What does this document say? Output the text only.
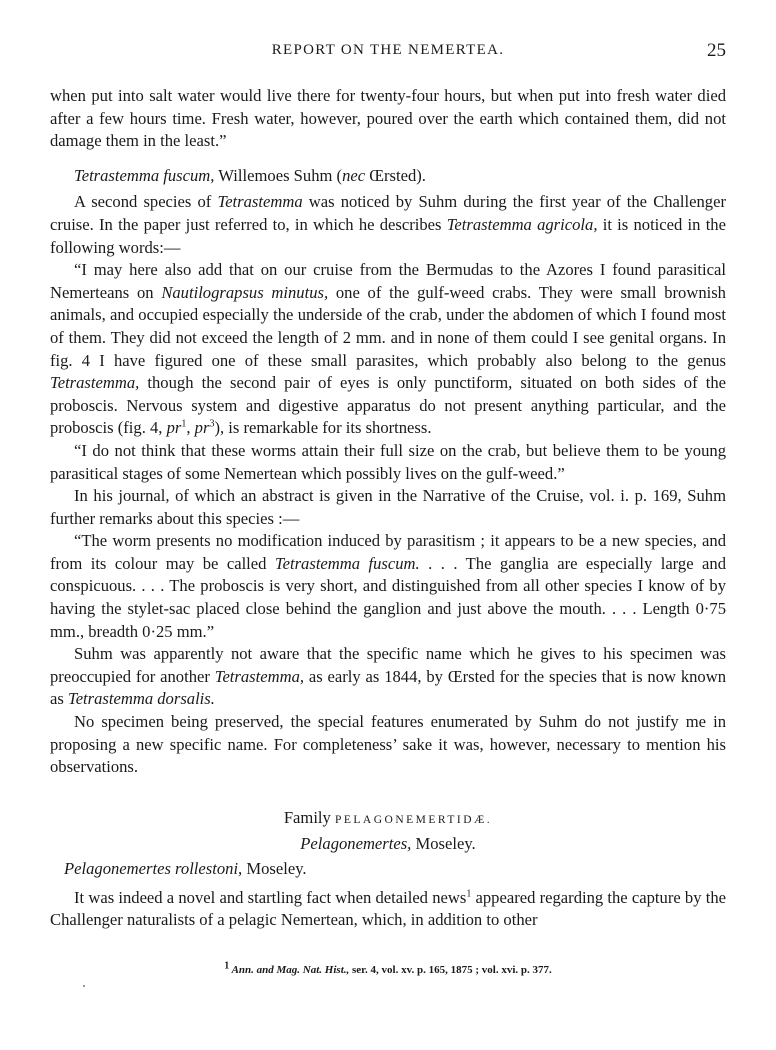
REPORT ON THE NEMERTEA.	25

when put into salt water would live there for twenty-four hours, but when put into fresh water died after a few hours time. Fresh water, however, poured over the earth which contained them, did not damage them in the least.”

Tetrastemma fuscum, Willemoes Suhm (nec Œrsted).

A second species of Tetrastemma was noticed by Suhm during the first year of the Challenger cruise. In the paper just referred to, in which he describes Tetrastemma agricola, it is noticed in the following words:—

“I may here also add that on our cruise from the Bermudas to the Azores I found parasitical Nemerteans on Nautilograpsus minutus, one of the gulf-weed crabs. They were small brownish animals, and occupied especially the underside of the crab, under the abdomen of which I found most of them. They did not exceed the length of 2 mm. and in none of them could I see genital organs. In fig. 4 I have figured one of these small parasites, which probably also belong to the genus Tetrastemma, though the second pair of eyes is only punctiform, situated on both sides of the proboscis. Nervous system and digestive apparatus do not present anything particular, and the proboscis (fig. 4, $pr^1$, $pr^3$), is remarkable for its shortness.

“I do not think that these worms attain their full size on the crab, but believe them to be young parasitical stages of some Nemertean which possibly lives on the gulf-weed.”

In his journal, of which an abstract is given in the Narrative of the Cruise, vol. i. p. 169, Suhm further remarks about this species :—

“The worm presents no modification induced by parasitism ; it appears to be a new species, and from its colour may be called Tetrastemma fuscum. . . . The ganglia are especially large and conspicuous. . . . The proboscis is very short, and distinguished from all other species I know of by having the stylet-sac placed close behind the ganglion and just above the mouth. . . . Length 0·75 mm., breadth 0·25 mm.”

Suhm was apparently not aware that the specific name which he gives to his specimen was preoccupied for another Tetrastemma, as early as 1844, by Œrsted for the species that is now known as Tetrastemma dorsalis.

No specimen being preserved, the special features enumerated by Suhm do not justify me in proposing a new specific name. For completeness’ sake it was, however, necessary to mention his observations.

Family PELAGONEMERTIDÆ.

Pelagonemertes, Moseley.

Pelagonemertes rollestoni, Moseley.

It was indeed a novel and startling fact when detailed news$^1$ appeared regarding the capture by the Challenger naturalists of a pelagic Nemertean, which, in addition to other

$^1$ Ann. and Mag. Nat. Hist., ser. 4, vol. xv. p. 165, 1875 ; vol. xvi. p. 377.
